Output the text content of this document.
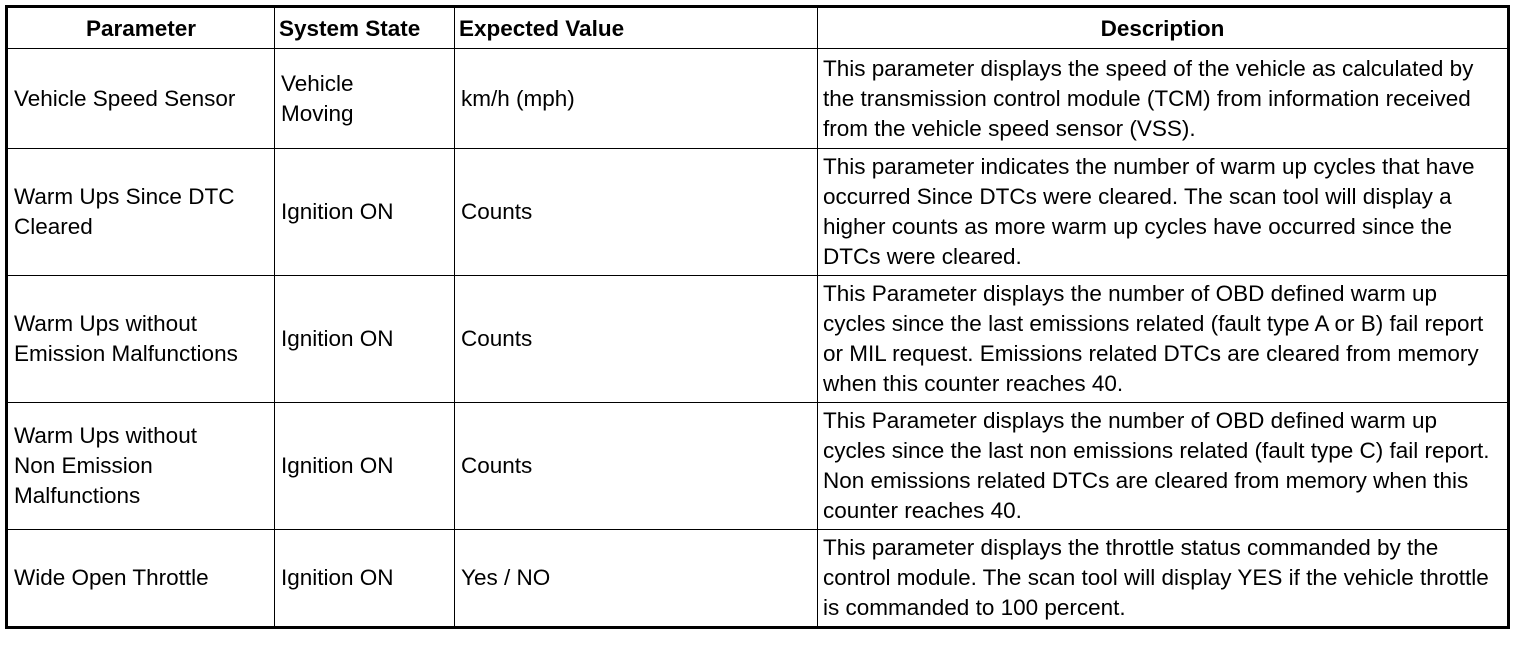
Parameter	System State	Expected Value	Description
Vehicle Speed Sensor	Vehicle Moving	km/h (mph)	This parameter displays the speed of the vehicle as calculated by the transmission control module (TCM) from information received from the vehicle speed sensor (VSS).
Warm Ups Since DTC Cleared	Ignition ON	Counts	This parameter indicates the number of warm up cycles that have occurred Since DTCs were cleared. The scan tool will display a higher counts as more warm up cycles have occurred since the DTCs were cleared.
Warm Ups without Emission Malfunctions	Ignition ON	Counts	This Parameter displays the number of OBD defined warm up cycles since the last emissions related (fault type A or B) fail report or MIL request. Emissions related DTCs are cleared from memory when this counter reaches 40.

Warm Ups without Non Emission Malfunctions	Ignition ON	Counts	This Parameter displays the number of OBD defined warm up cycles since the last non emissions related (fault type C) fail report. Non emissions related DTCs are cleared from memory when this counter reaches 40.
Wide Open Throttle	Ignition ON	Yes / NO	This parameter displays the throttle status commanded by the control module. The scan tool will display YES if the vehicle throttle is commanded to 100 percent.
